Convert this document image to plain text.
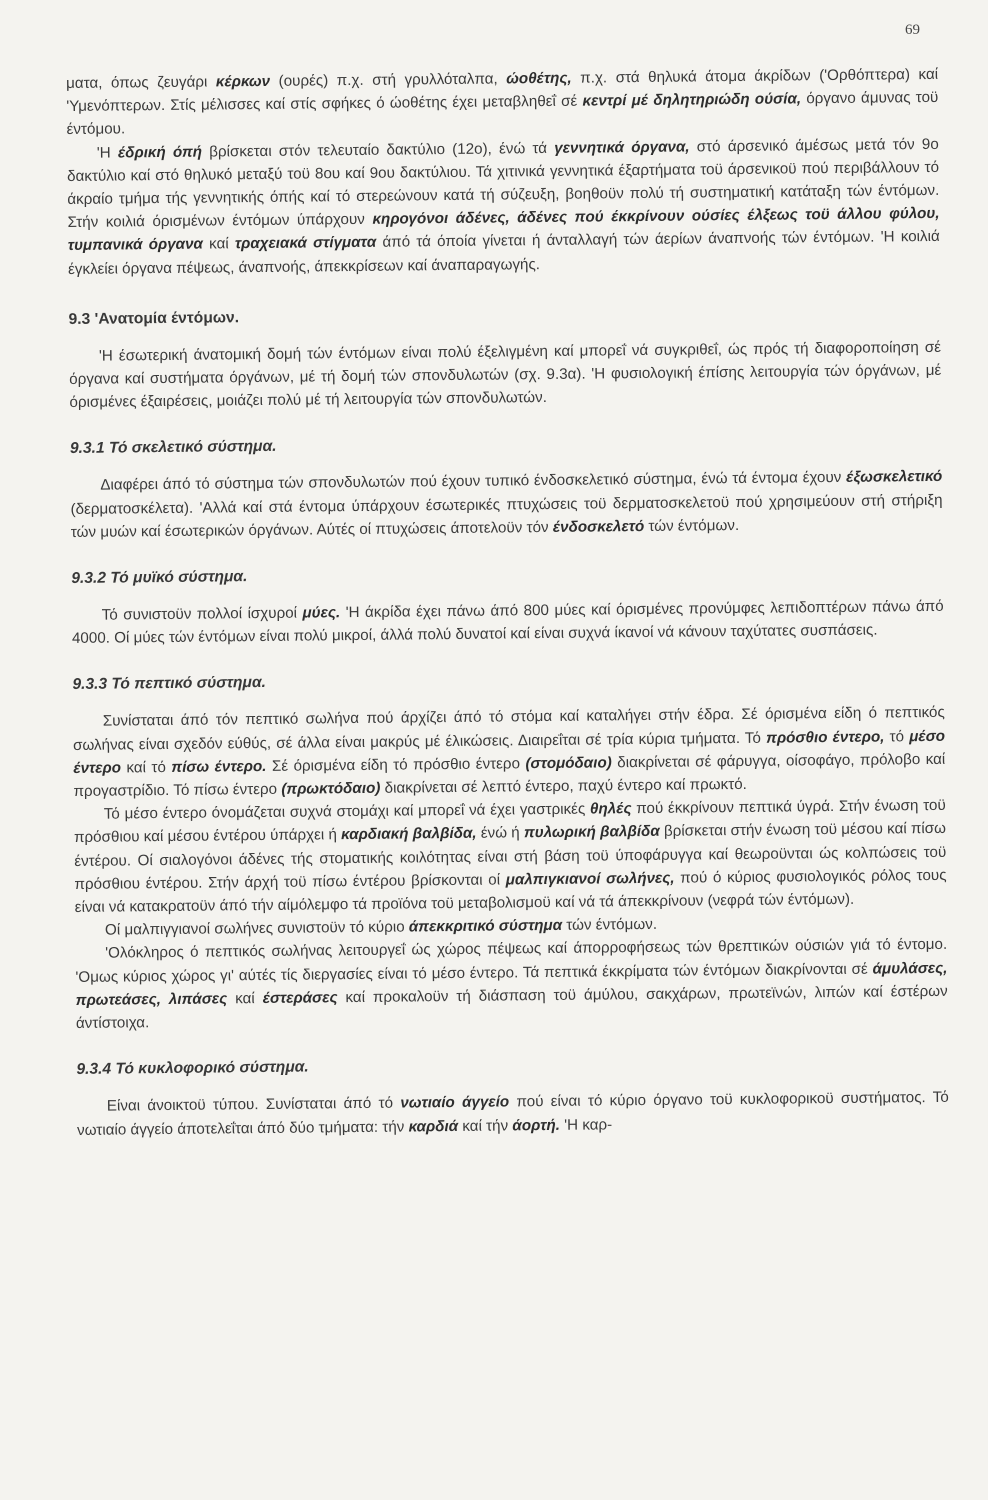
69

ματα, όπως ζευγάρι κέρκων (ουρές) π.χ. στή γρυλλόταλπα, ώοθέτης, π.χ. στά θηλυκά άτομα άκρίδων ('Ορθόπτερα) καί 'Υμενόπτερων. Στίς μέλισσες καί στίς σφήκες ό ώοθέτης έχει μεταβληθεΐ σέ κεντρί μέ δηλητηριώδη ούσία, όργανο άμυνας τοϋ έντόμου.

'Η έδρική όπή βρίσκεται στόν τελευταίο δακτύλιο (12ο), ένώ τά γεννητικά όργανα, στό άρσενικό άμέσως μετά τόν 9ο δακτύλιο καί στό θηλυκό μεταξύ τοϋ 8ου καί 9ου δακτύλιου. Τά χιτινικά γεννητικά έξαρτήματα τοϋ άρσενικοϋ πού περιβάλλουν τό άκραίο τμήμα τής γεννητικής όπής καί τό στερεώνουν κατά τή σύζευξη, βοηθοϋν πολύ τή συστηματική κατάταξη τών έντόμων. Στήν κοιλιά όρισμένων έντόμων ύπάρχουν κηρογόνοι άδένες, άδένες πού έκκρίνουν ούσίες έλξεως τοϋ άλλου φύλου, τυμπανικά όργανα καί τραχειακά στίγματα άπό τά όποία γίνεται ή άνταλλαγή τών άερίων άναπνοής τών έντόμων. 'Η κοιλιά έγκλείει όργανα πέψεως, άναπνοής, άπεκκρίσεων καί άναπαραγωγής.

9.3 'Ανατομία έντόμων.

'Η έσωτερική άνατομική δομή τών έντόμων είναι πολύ έξελιγμένη καί μπορεΐ νά συγκριθεΐ, ώς πρός τή διαφοροποίηση σέ όργανα καί συστήματα όργάνων, μέ τή δομή τών σπονδυλωτών (σχ. 9.3α). 'Η φυσιολογική έπίσης λειτουργία τών όργάνων, μέ όρισμένες έξαιρέσεις, μοιάζει πολύ μέ τή λειτουργία τών σπονδυλωτών.

9.3.1 Τό σκελετικό σύστημα.

Διαφέρει άπό τό σύστημα τών σπονδυλωτών πού έχουν τυπικό ένδοσκελετικό σύστημα, ένώ τά έντομα έχουν έξωσκελετικό (δερματοσκέλετα). 'Αλλά καί στά έντομα ύπάρχουν έσωτερικές πτυχώσεις τοϋ δερματοσκελετοϋ πού χρησιμεύουν στή στήριξη τών μυών καί έσωτερικών όργάνων. Αύτές οί πτυχώσεις άποτελοϋν τόν ένδοσκελετό τών έντόμων.

9.3.2 Τό μυϊκό σύστημα.

Τό συνιστοϋν πολλοί ίσχυροί μύες. 'Η άκρίδα έχει πάνω άπό 800 μύες καί όρισμένες προνύμφες λεπιδοπτέρων πάνω άπό 4000. Οί μύες τών έντόμων είναι πολύ μικροί, άλλά πολύ δυνατοί καί είναι συχνά ίκανοί νά κάνουν ταχύτατες συσπάσεις.

9.3.3 Τό πεπτικό σύστημα.

Συνίσταται άπό τόν πεπτικό σωλήνα πού άρχίζει άπό τό στόμα καί καταλήγει στήν έδρα. Σέ όρισμένα είδη ό πεπτικός σωλήνας είναι σχεδόν εύθύς, σέ άλλα είναι μακρύς μέ έλικώσεις. Διαιρεΐται σέ τρία κύρια τμήματα. Τό πρόσθιο έντερο, τό μέσο έντερο καί τό πίσω έντερο. Σέ όρισμένα είδη τό πρόσθιο έντερο (στομόδαιο) διακρίνεται σέ φάρυγγα, οίσοφάγο, πρόλοβο καί προγαστρίδιο. Τό πίσω έντερο (πρωκτόδαιο) διακρίνεται σέ λεπτό έντερο, παχύ έντερο καί πρωκτό.

Τό μέσο έντερο όνομάζεται συχνά στομάχι καί μπορεΐ νά έχει γαστρικές θηλές πού έκκρίνουν πεπτικά ύγρά. Στήν ένωση τοϋ πρόσθιου καί μέσου έντέρου ύπάρχει ή καρδιακή βαλβίδα, ένώ ή πυλωρική βαλβίδα βρίσκεται στήν ένωση τοϋ μέσου καί πίσω έντέρου. Οί σιαλογόνοι άδένες τής στοματικής κοιλότητας είναι στή βάση τοϋ ύποφάρυγγα καί θεωροϋνται ώς κολπώσεις τοϋ πρόσθιου έντέρου. Στήν άρχή τοϋ πίσω έντέρου βρίσκονται οί μαλπιγκιανοί σωλήνες, πού ό κύριος φυσιολογικός ρόλος τους είναι νά κατακρατοϋν άπό τήν αίμόλεμφο τά προϊόνα τοϋ μεταβολισμοϋ καί νά τά άπεκκρίνουν (νεφρά τών έντόμων).

Οί μαλπιγγιανοί σωλήνες συνιστοϋν τό κύριο άπεκκριτικό σύστημα τών έντόμων.

'Ολόκληρος ό πεπτικός σωλήνας λειτουργεΐ ώς χώρος πέψεως καί άπορροφήσεως τών θρεπτικών ούσιών γιά τό έντομο. 'Ομως κύριος χώρος γι' αύτές τίς διεργασίες είναι τό μέσο έντερο. Τά πεπτικά έκκρίματα τών έντόμων διακρίνονται σέ άμυλάσες, πρωτεάσες, λιπάσες καί έστεράσες καί προκαλοϋν τή διάσπαση τοϋ άμύλου, σακχάρων, πρωτεϊνών, λιπών καί έστέρων άντίστοιχα.

9.3.4 Τό κυκλοφορικό σύστημα.

Είναι άνοικτοϋ τύπου. Συνίσταται άπό τό νωτιαίο άγγείο πού είναι τό κύριο όργανο τοϋ κυκλοφορικοϋ συστήματος. Τό νωτιαίο άγγείο άποτελεΐται άπό δύο τμήματα: τήν καρδιά καί τήν άορτή. 'Η καρ-
